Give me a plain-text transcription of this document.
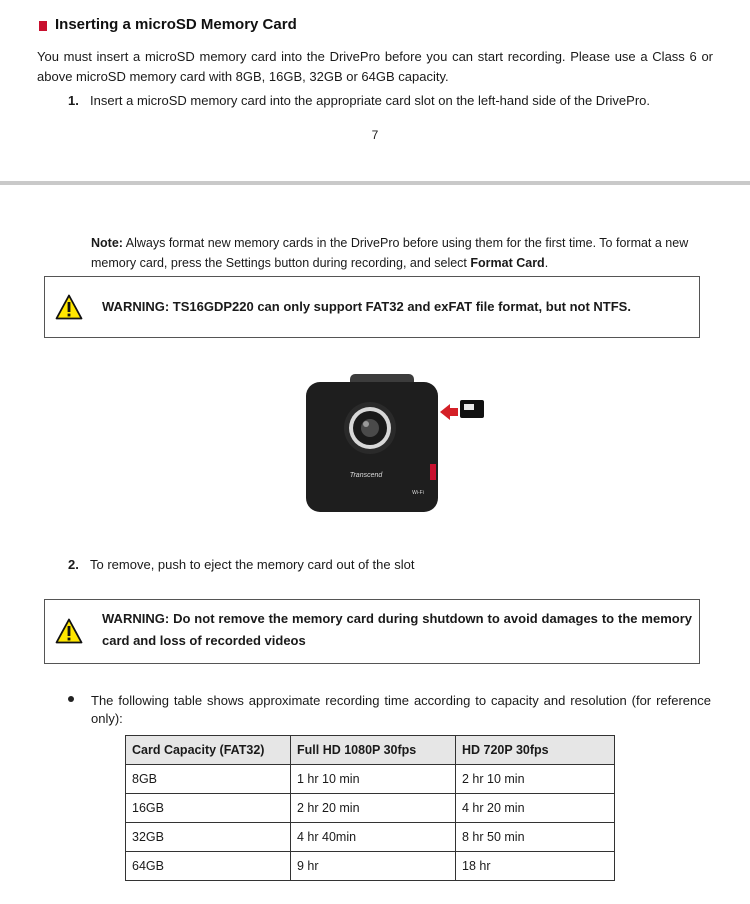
Inserting a microSD Memory Card
You must insert a microSD memory card into the DrivePro before you can start recording. Please use a Class 6 or above microSD memory card with 8GB, 16GB, 32GB or 64GB capacity.
1. Insert a microSD memory card into the appropriate card slot on the left-hand side of the DrivePro.
7
Note: Always format new memory cards in the DrivePro before using them for the first time. To format a new memory card, press the Settings button during recording, and select Format Card.
WARNING: TS16GDP220 can only support FAT32 and exFAT file format, but not NTFS.
Transcend
Wi-Fi
2. To remove, push to eject the memory card out of the slot
WARNING: Do not remove the memory card during shutdown to avoid damages to the memory card and loss of recorded videos
The following table shows approximate recording time according to capacity and resolution (for reference only):
Card Capacity (FAT32)	Full HD 1080P 30fps	HD 720P 30fps
8GB	1 hr 10 min	2 hr 10 min
16GB	2 hr 20 min	4 hr 20 min
32GB	4 hr 40min	8 hr 50 min
64GB	9 hr	18 hr
